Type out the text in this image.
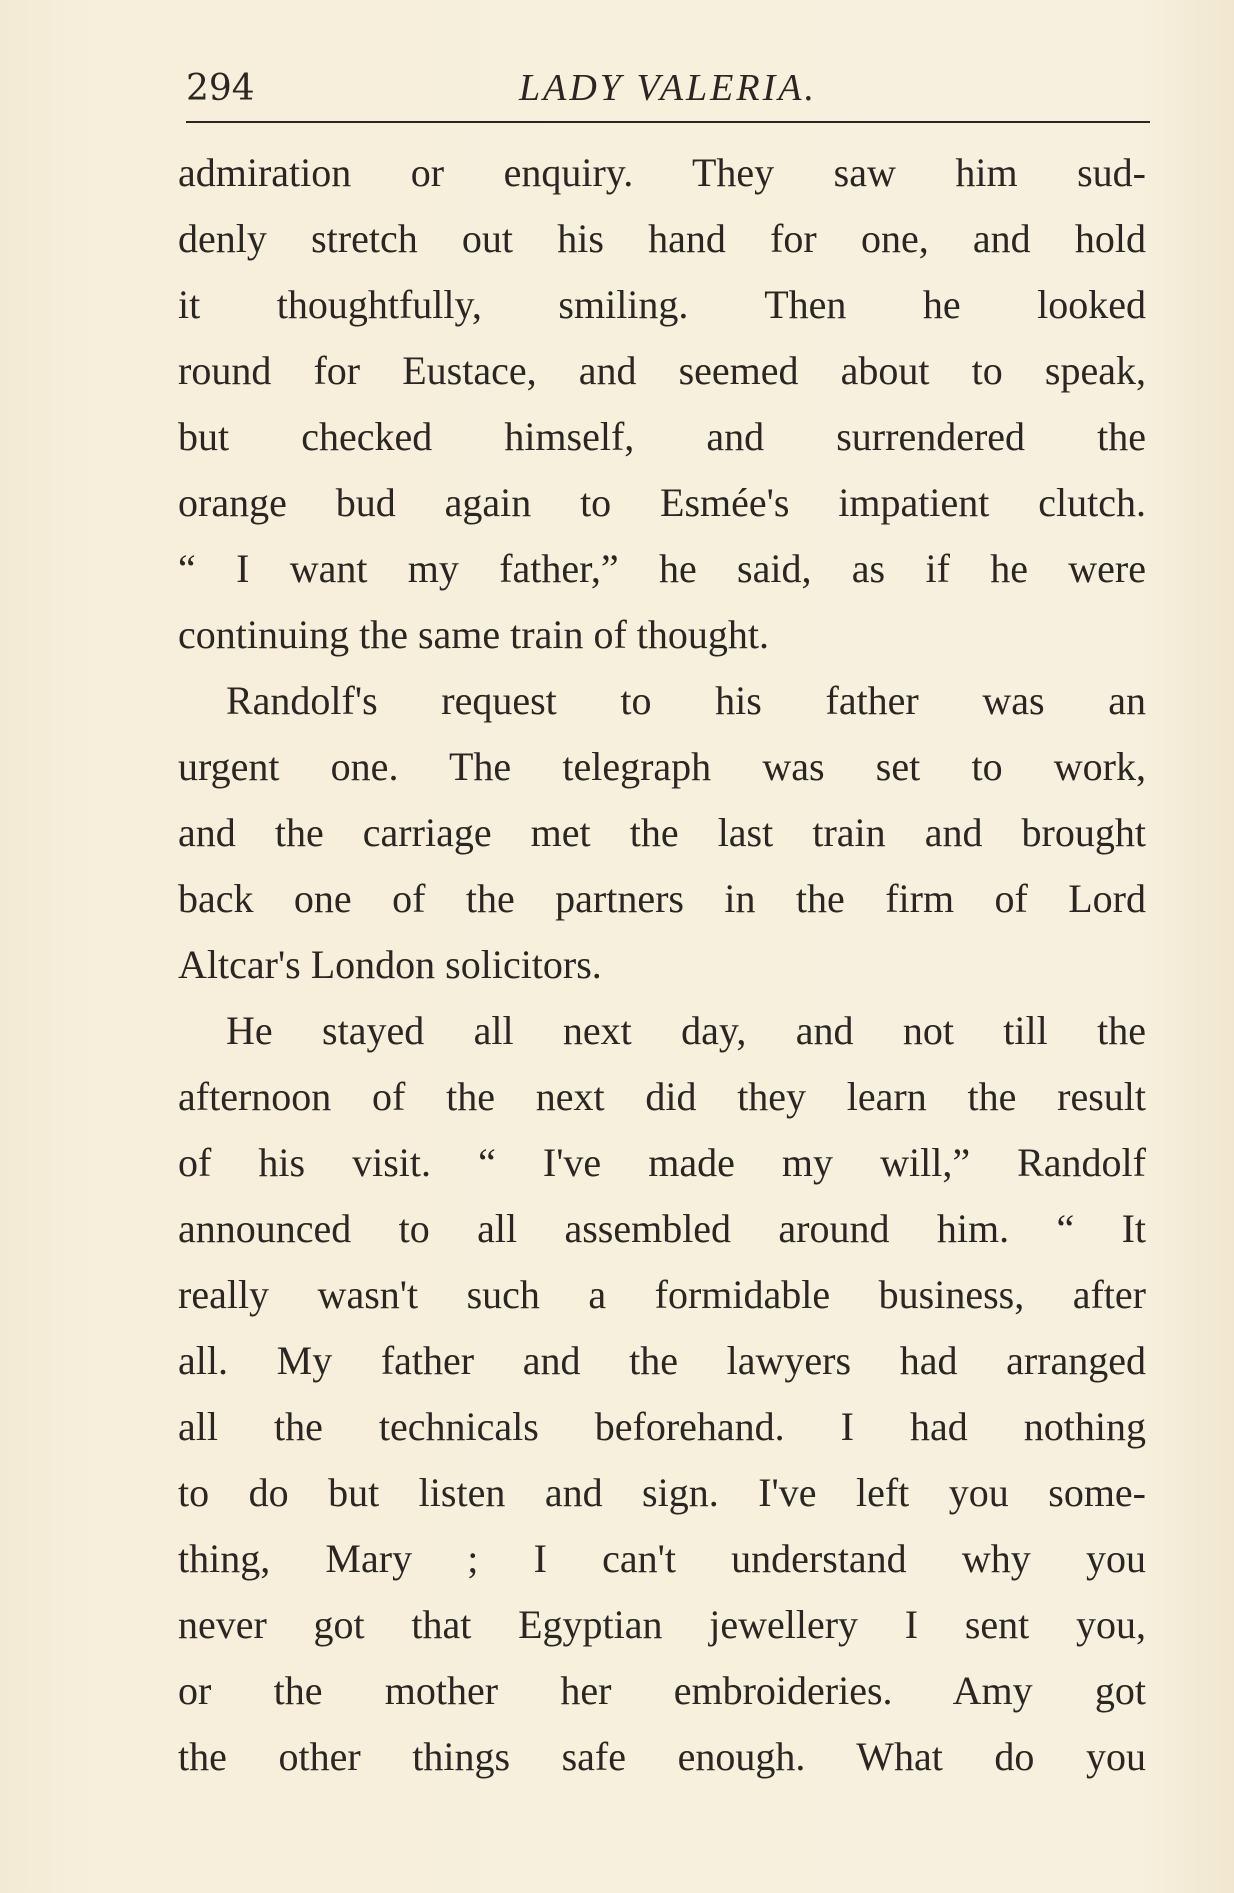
294	LADY VALERIA.
admiration or enquiry. They saw him sud-
denly stretch out his hand for one, and hold
it thoughtfully, smiling. Then he looked
round for Eustace, and seemed about to speak,
but checked himself, and surrendered the
orange bud again to Esmée's impatient clutch.
“ I want my father,” he said, as if he were
continuing the same train of thought.
Randolf's request to his father was an
urgent one. The telegraph was set to work,
and the carriage met the last train and brought
back one of the partners in the firm of Lord
Altcar's London solicitors.
He stayed all next day, and not till the
afternoon of the next did they learn the result
of his visit. “ I've made my will,” Randolf
announced to all assembled around him. “ It
really wasn't such a formidable business, after
all. My father and the lawyers had arranged
all the technicals beforehand. I had nothing
to do but listen and sign. I've left you some-
thing, Mary ; I can't understand why you
never got that Egyptian jewellery I sent you,
or the mother her embroideries. Amy got
the other things safe enough. What do you
